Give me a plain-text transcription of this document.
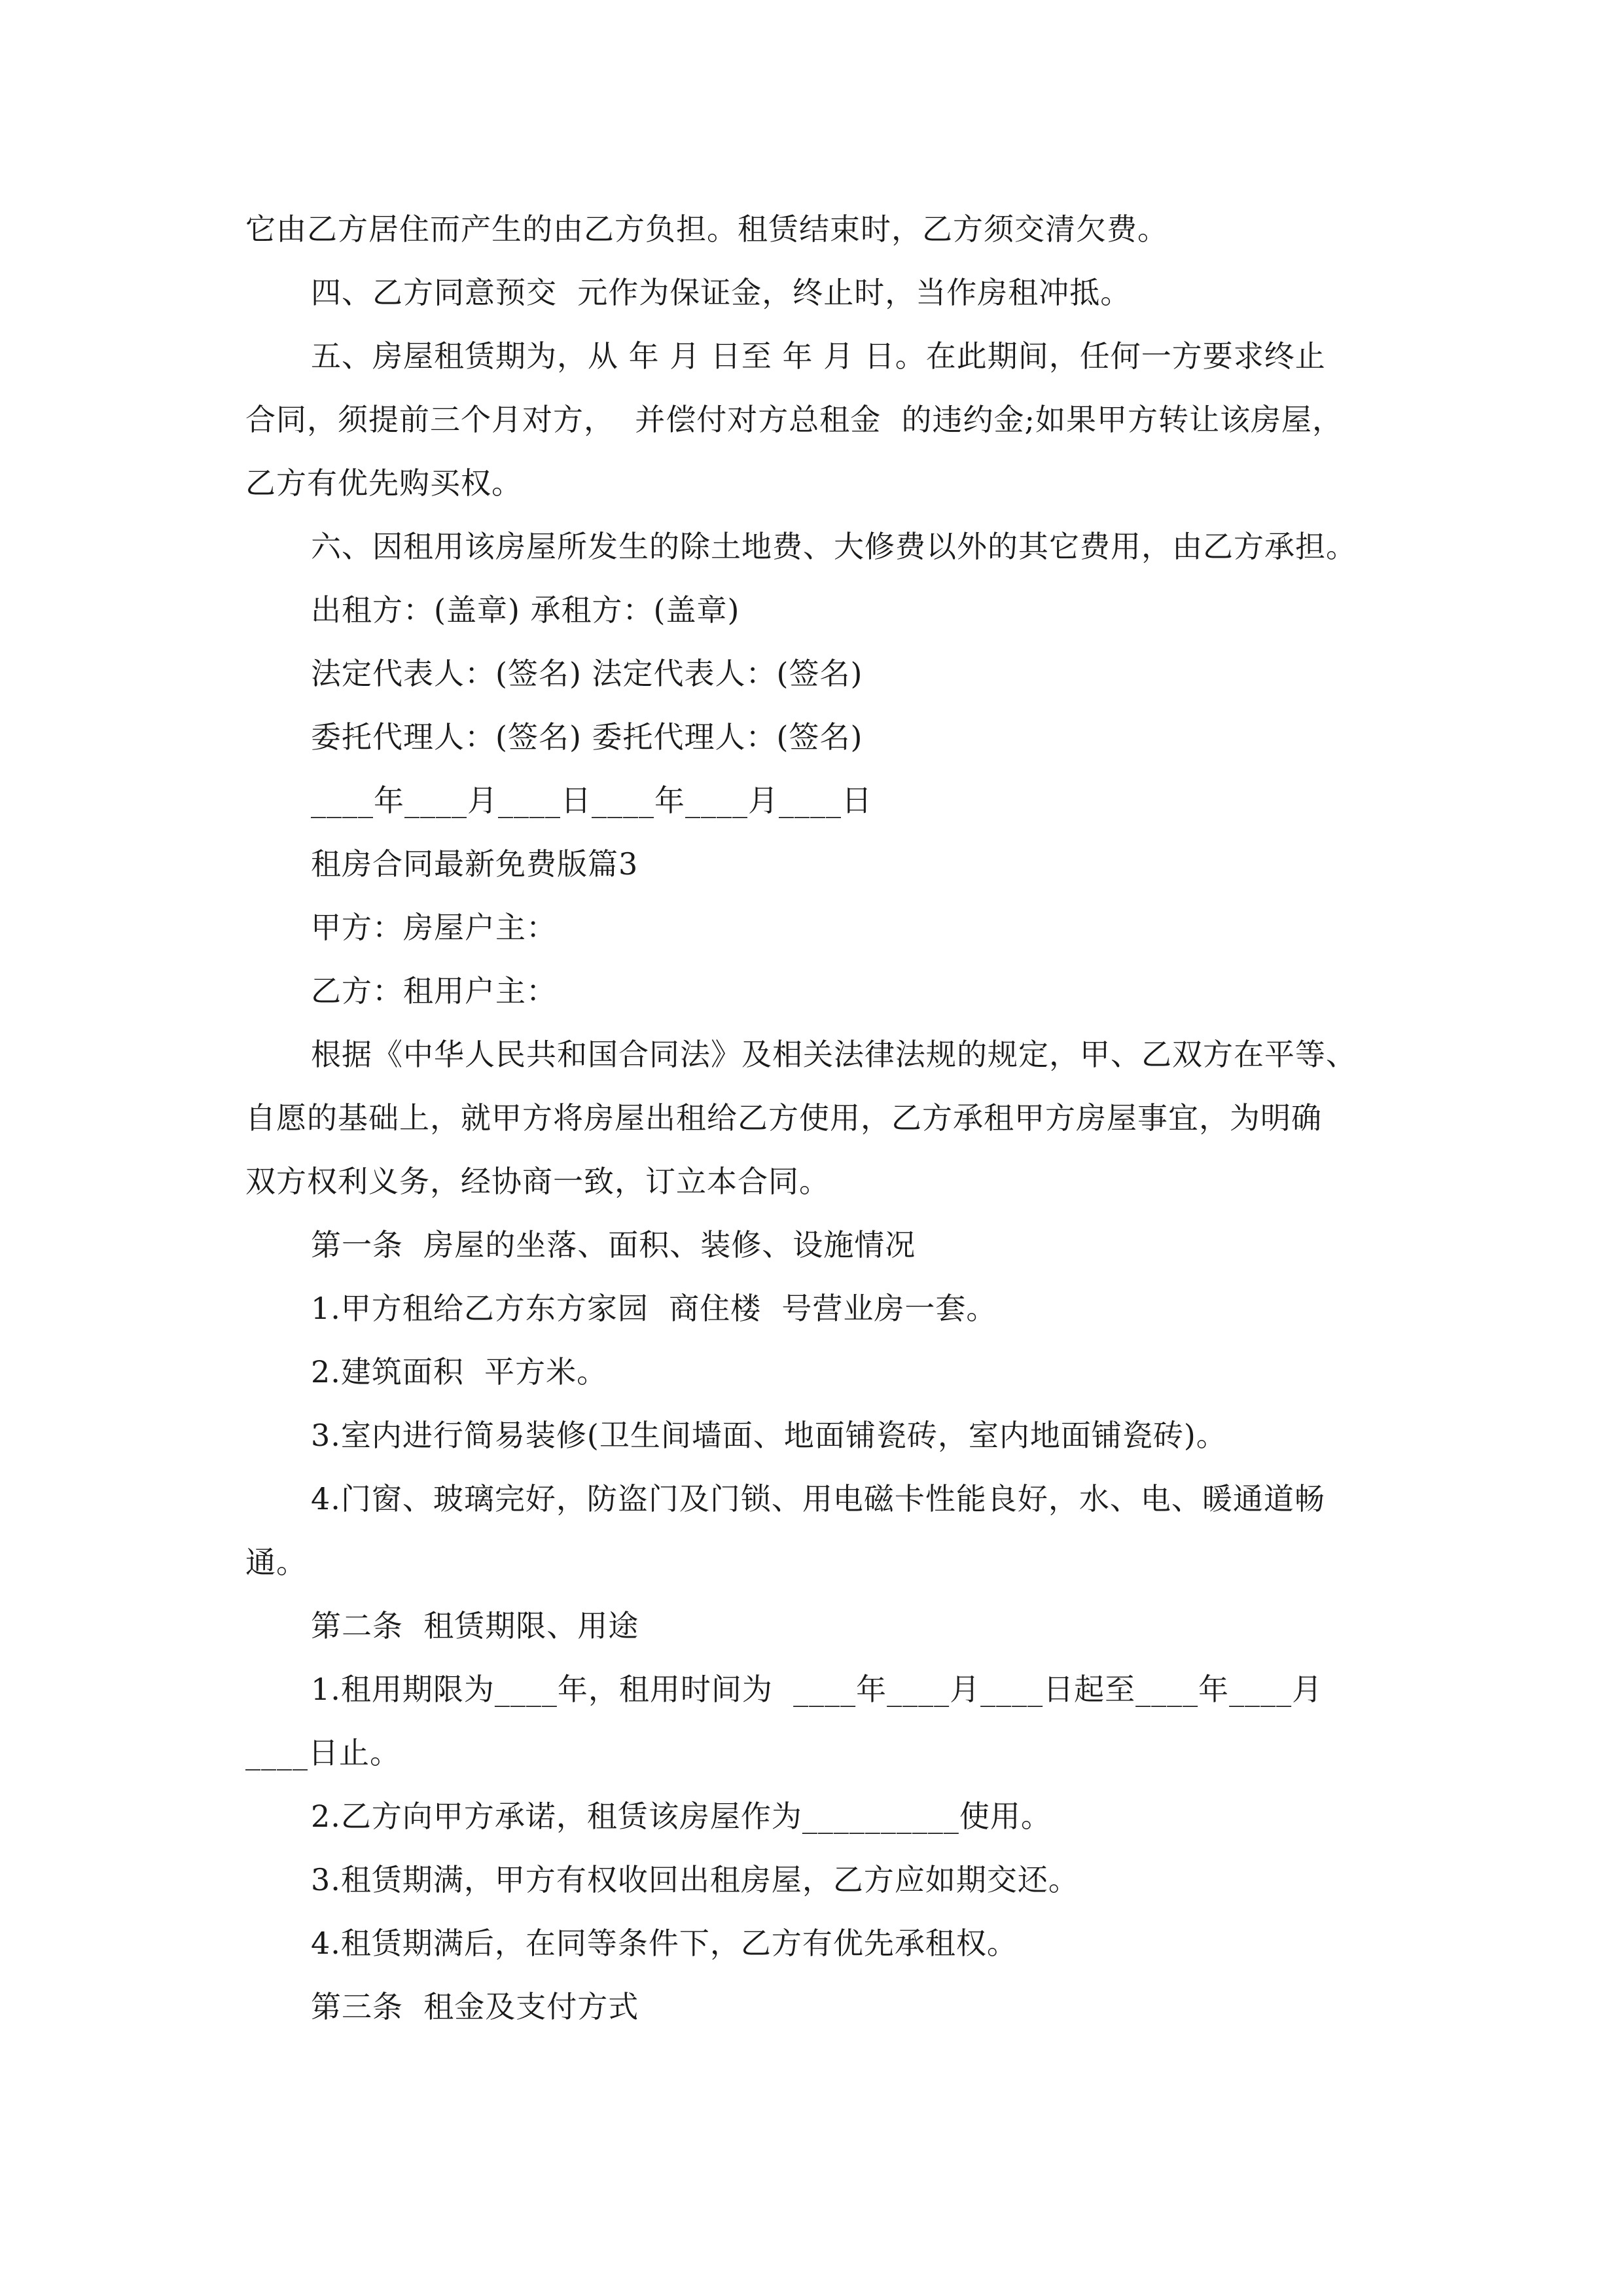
它由乙方居住而产生的由乙方负担。租赁结束时，乙方须交清欠费。
四、乙方同意预交  元作为保证金，终止时，当作房租冲抵。
五、房屋租赁期为，从 年 月 日至 年 月 日。在此期间，任何一方要求终止
合同，须提前三个月对方，  并偿付对方总租金  的违约金;如果甲方转让该房屋，
乙方有优先购买权。
六、因租用该房屋所发生的除土地费、大修费以外的其它费用，由乙方承担。
出租方：(盖章) 承租方：(盖章)
法定代表人：(签名) 法定代表人：(签名)
委托代理人：(签名) 委托代理人：(签名)
____年____月____日____年____月____日
租房合同最新免费版篇3
甲方：房屋户主：
乙方：租用户主：
根据《中华人民共和国合同法》及相关法律法规的规定，甲、乙双方在平等、
自愿的基础上，就甲方将房屋出租给乙方使用，乙方承租甲方房屋事宜，为明确
双方权利义务，经协商一致，订立本合同。
第一条  房屋的坐落、面积、装修、设施情况
1.甲方租给乙方东方家园  商住楼  号营业房一套。
2.建筑面积  平方米。
3.室内进行简易装修(卫生间墙面、地面铺瓷砖，室内地面铺瓷砖)。
4.门窗、玻璃完好，防盗门及门锁、用电磁卡性能良好，水、电、暖通道畅
通。
第二条  租赁期限、用途
1.租用期限为____年，租用时间为  ____年____月____日起至____年____月
____日止。
2.乙方向甲方承诺，租赁该房屋作为__________使用。
3.租赁期满，甲方有权收回出租房屋，乙方应如期交还。
4.租赁期满后，在同等条件下，乙方有优先承租权。
第三条  租金及支付方式
